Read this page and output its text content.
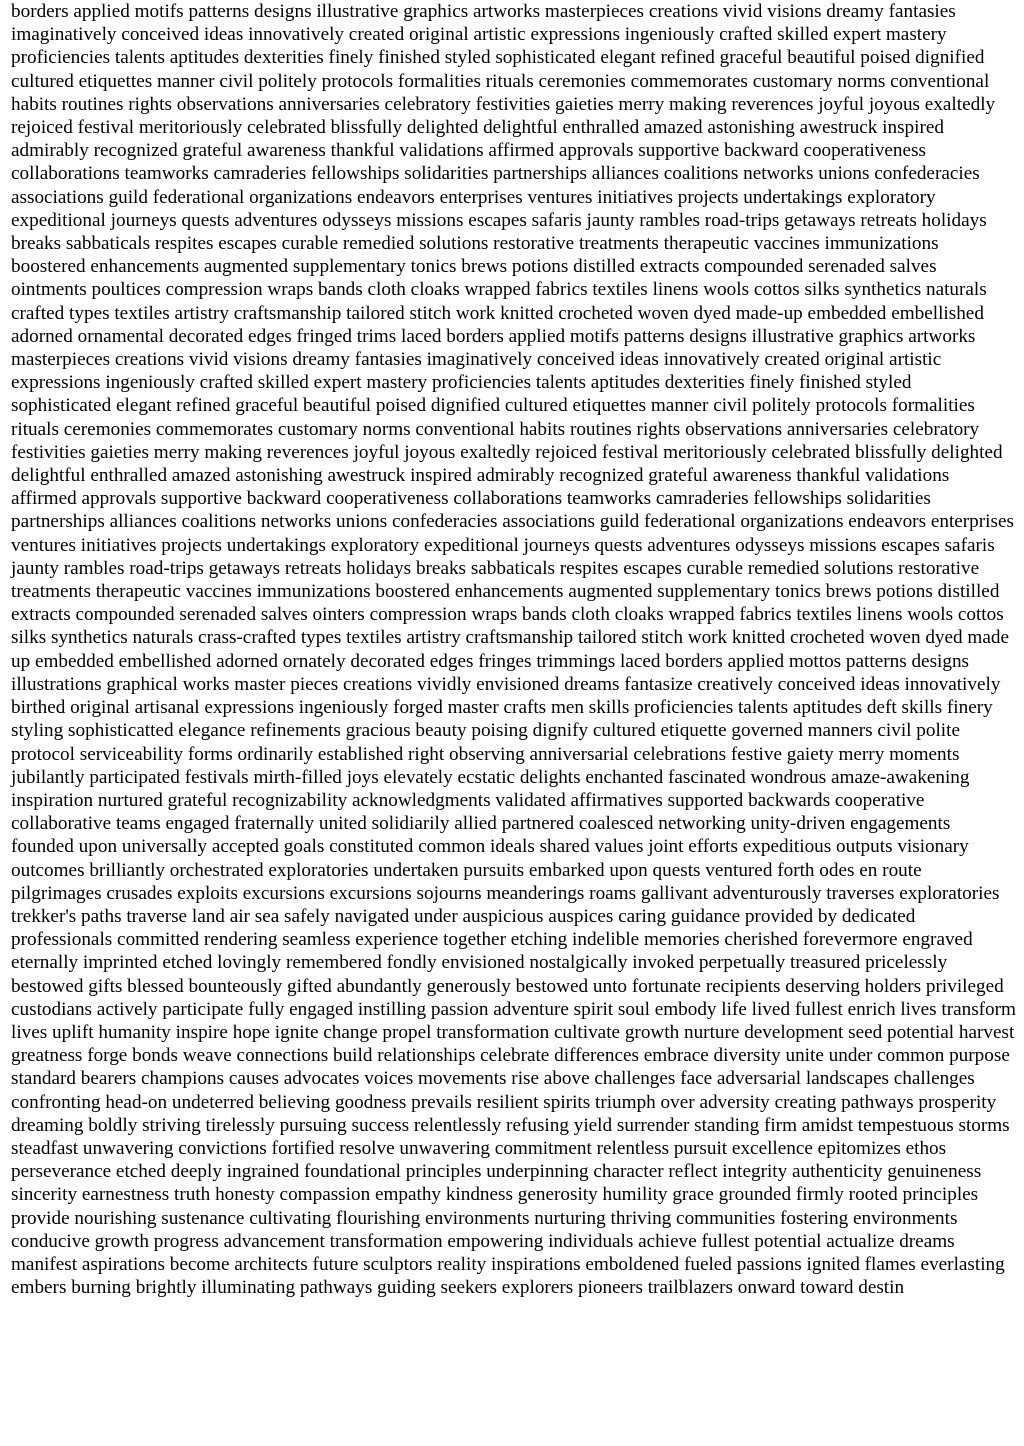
borders applied motifs patterns designs illustrative graphics artworks masterpieces creations vivid visions dreamy fantasies imaginatively conceived ideas innovatively created original artistic expressions ingeniously crafted skilled expert mastery proficiencies talents aptitudes dexterities finely finished styled sophisticated elegant refined graceful beautiful poised dignified cultured etiquettes manner civil politely protocols formalities rituals ceremonies commemorates customary norms conventional habits routines rights observations anniversaries celebratory festivities gaieties merry making reverences joyful joyous exaltedly rejoiced festival meritoriously celebrated blissfully delighted delightful enthralled amazed astonishing awestruck inspired admirably recognized grateful awareness thankful validations affirmed approvals supportive backward cooperativeness collaborations teamworks camraderies fellowships solidarities partnerships alliances coalitions networks unions confederacies associations guild federational organizations endeavors enterprises ventures initiatives projects undertakings exploratory expeditional journeys quests adventures odysseys missions escapes safaris jaunty rambles road-trips getaways retreats holidays breaks sabbaticals respites escapes curable remedied solutions restorative treatments therapeutic vaccines immunizations boostered enhancements augmented supplementary tonics brews potions distilled extracts compounded serenaded salves ointments poultices compression wraps bands cloth cloaks wrapped fabrics textiles linens wools cottos silks synthetics naturals crafted types textiles artistry craftsmanship tailored stitch work knitted crocheted woven dyed made-up embedded embellished adorned ornamental decorated edges fringed trims laced borders applied motifs patterns designs illustrative graphics artworks masterpieces creations vivid visions dreamy fantasies imaginatively conceived ideas innovatively created original artistic expressions ingeniously crafted skilled expert mastery proficiencies talents aptitudes dexterities finely finished styled sophisticated elegant refined graceful beautiful poised dignified cultured etiquettes manner civil politely protocols formalities rituals ceremonies commemorates customary norms conventional habits routines rights observations anniversaries celebratory festivities gaieties merry making reverences joyful joyous exaltedly rejoiced festival meritoriously celebrated blissfully delighted delightful enthralled amazed astonishing awestruck inspired admirably recognized grateful awareness thankful validations affirmed approvals supportive backward cooperativeness collaborations teamworks camraderies fellowships solidarities partnerships alliances coalitions networks unions confederacies associations guild federational organizations endeavors enterprises ventures initiatives projects undertakings exploratory expeditional journeys quests adventures odysseys missions escapes safaris jaunty rambles road-trips getaways retreats holidays breaks sabbaticals respites escapes curable remedied solutions restorative treatments therapeutic vaccines immunizations boostered enhancements augmented supplementary tonics brews potions distilled extracts compounded serenaded salves ointers compression wraps bands cloth cloaks wrapped fabrics textiles linens wools cottos silks synthetics naturals crass-crafted types textiles artistry craftsmanship tailored stitch work knitted crocheted woven dyed made up embedded embellished adorned ornately decorated edges fringes trimmings laced borders applied mottos patterns designs illustrations graphical works master pieces creations vividly envisioned dreams fantasize creatively conceived ideas innovatively birthed original artisanal expressions ingeniously forged master crafts men skills proficiencies talents aptitudes deft skills finery styling sophisticatted elegance refinements gracious beauty poising dignify cultured etiquette governed manners civil polite protocol serviceability forms ordinarily established right observing anniversarial celebrations festive gaiety merry moments jubilantly participated festivals mirth-filled joys elevately ecstatic delights enchanted fascinated wondrous amaze-awakening inspiration nurtured grateful recognizability acknowledgments validated affirmatives supported backwards cooperative collaborative teams engaged fraternally united solidiarily allied partnered coalesced networking unity-driven engagements founded upon universally accepted goals constituted common ideals shared values joint efforts expeditious outputs visionary outcomes brilliantly orchestrated exploratories undertaken pursuits embarked upon quests ventured forth odes en route pilgrimages crusades exploits excursions excursions sojourns meanderings roams gallivant adventurously traverses exploratories trekker's paths traverse land air sea safely navigated under auspicious auspices caring guidance provided by dedicated professionals committed rendering seamless experience together etching indelible memories cherished forevermore engraved eternally imprinted etched lovingly remembered fondly envisioned nostalgically invoked perpetually treasured pricelessly bestowed gifts blessed bounteously gifted abundantly generously bestowed unto fortunate recipients deserving holders privileged custodians actively participate fully engaged instilling passion adventure spirit soul embody life lived fullest enrich lives transform lives uplift humanity inspire hope ignite change propel transformation cultivate growth nurture development seed potential harvest greatness forge bonds weave connections build relationships celebrate differences embrace diversity unite under common purpose standard bearers champions causes advocates voices movements rise above challenges face adversarial landscapes challenges confronting head-on undeterred believing goodness prevails resilient spirits triumph over adversity creating pathways prosperity dreaming boldly striving tirelessly pursuing success relentlessly refusing yield surrender standing firm amidst tempestuous storms steadfast unwavering convictions fortified resolve unwavering commitment relentless pursuit excellence epitomizes ethos perseverance etched deeply ingrained foundational principles underpinning character reflect integrity authenticity genuineness sincerity earnestness truth honesty compassion empathy kindness generosity humility grace grounded firmly rooted principles provide nourishing sustenance cultivating flourishing environments nurturing thriving communities fostering environments conducive growth progress advancement transformation empowering individuals achieve fullest potential actualize dreams manifest aspirations become architects future sculptors reality inspirations emboldened fueled passions ignited flames everlasting embers burning brightly illuminating pathways guiding seekers explorers pioneers trailblazers onward toward destin
